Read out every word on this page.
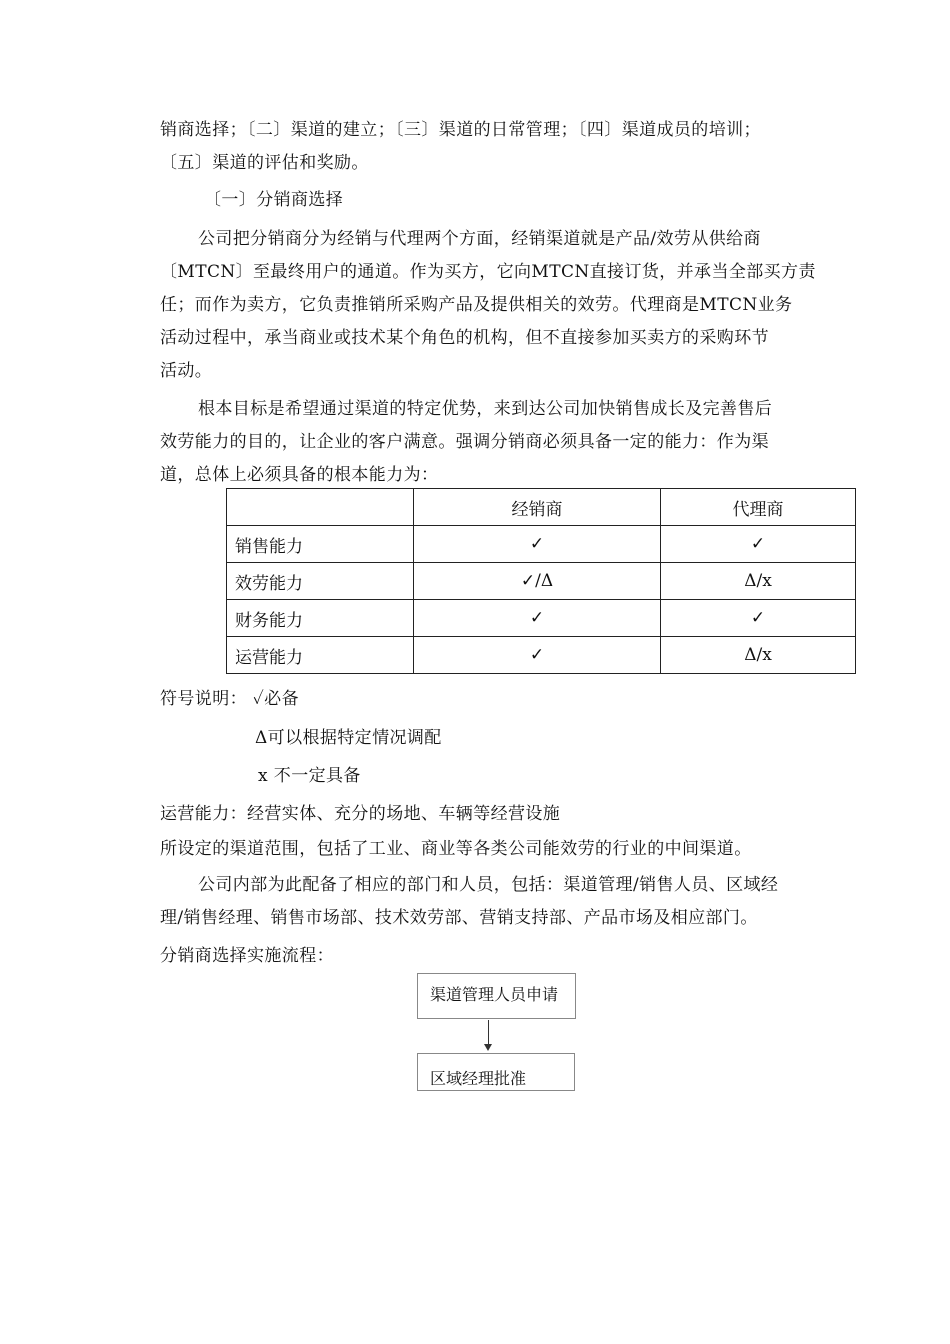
销商选择；〔二〕渠道的建立；〔三〕渠道的日常管理；〔四〕渠道成员的培训；
〔五〕渠道的评估和奖励。
〔一〕分销商选择
公司把分销商分为经销与代理两个方面，经销渠道就是产品/效劳从供给商
〔MTCN〕至最终用户的通道。作为买方，它向MTCN直接订货，并承当全部买方责
任；而作为卖方，它负责推销所采购产品及提供相关的效劳。代理商是MTCN业务
活动过程中，承当商业或技术某个角色的机构，但不直接参加买卖方的采购环节
活动。
根本目标是希望通过渠道的特定优势，来到达公司加快销售成长及完善售后
效劳能力的目的，让企业的客户满意。强调分销商必须具备一定的能力：作为渠
道，总体上必须具备的根本能力为：
	经销商	代理商
销售能力	✓	✓
效劳能力	✓/Δ	Δ/x
财务能力	✓	✓
运营能力	✓	Δ/x
符号说明： ✓必备
Δ可以根据特定情况调配
x 不一定具备
运营能力：经营实体、充分的场地、车辆等经营设施
所设定的渠道范围，包括了工业、商业等各类公司能效劳的行业的中间渠道。
公司内部为此配备了相应的部门和人员，包括：渠道管理/销售人员、区域经
理/销售经理、销售市场部、技术效劳部、营销支持部、产品市场及相应部门。
分销商选择实施流程：
渠道管理人员申请
区域经理批准
